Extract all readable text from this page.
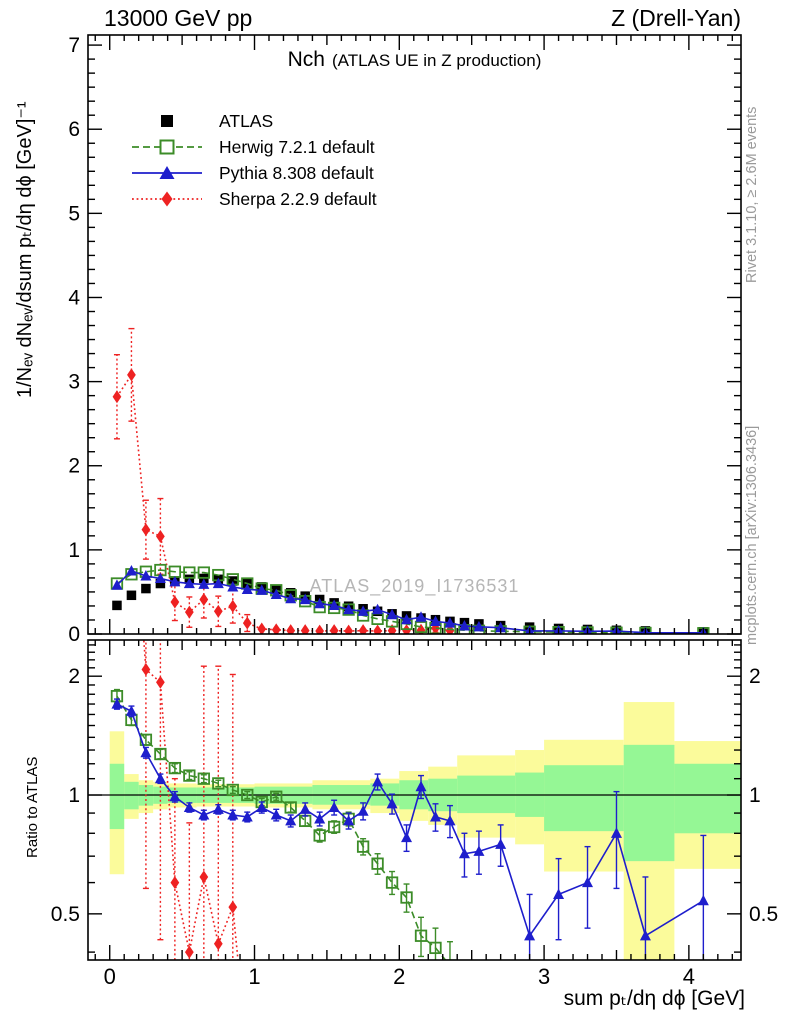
0
1
2
3
4
5
6
7
0.5	0.5
1	1
2	2
0	1	2	3	4
13000 GeV pp	Z (Drell-Yan)
Nch (ATLAS UE in Z production)
ATLAS
Herwig 7.2.1 default
Pythia 8.308 default
Sherpa 2.2.9 default
ATLAS_2019_I1736531
1/Nₑᵥ dNₑᵥ/dsum pₜ/dη dϕ [GeV]⁻¹
Ratio to ATLAS
Rivet 3.1.10, ≥ 2.6M events
mcplots.cern.ch [arXiv:1306.3436]
sum pₜ/dη dϕ [GeV]
